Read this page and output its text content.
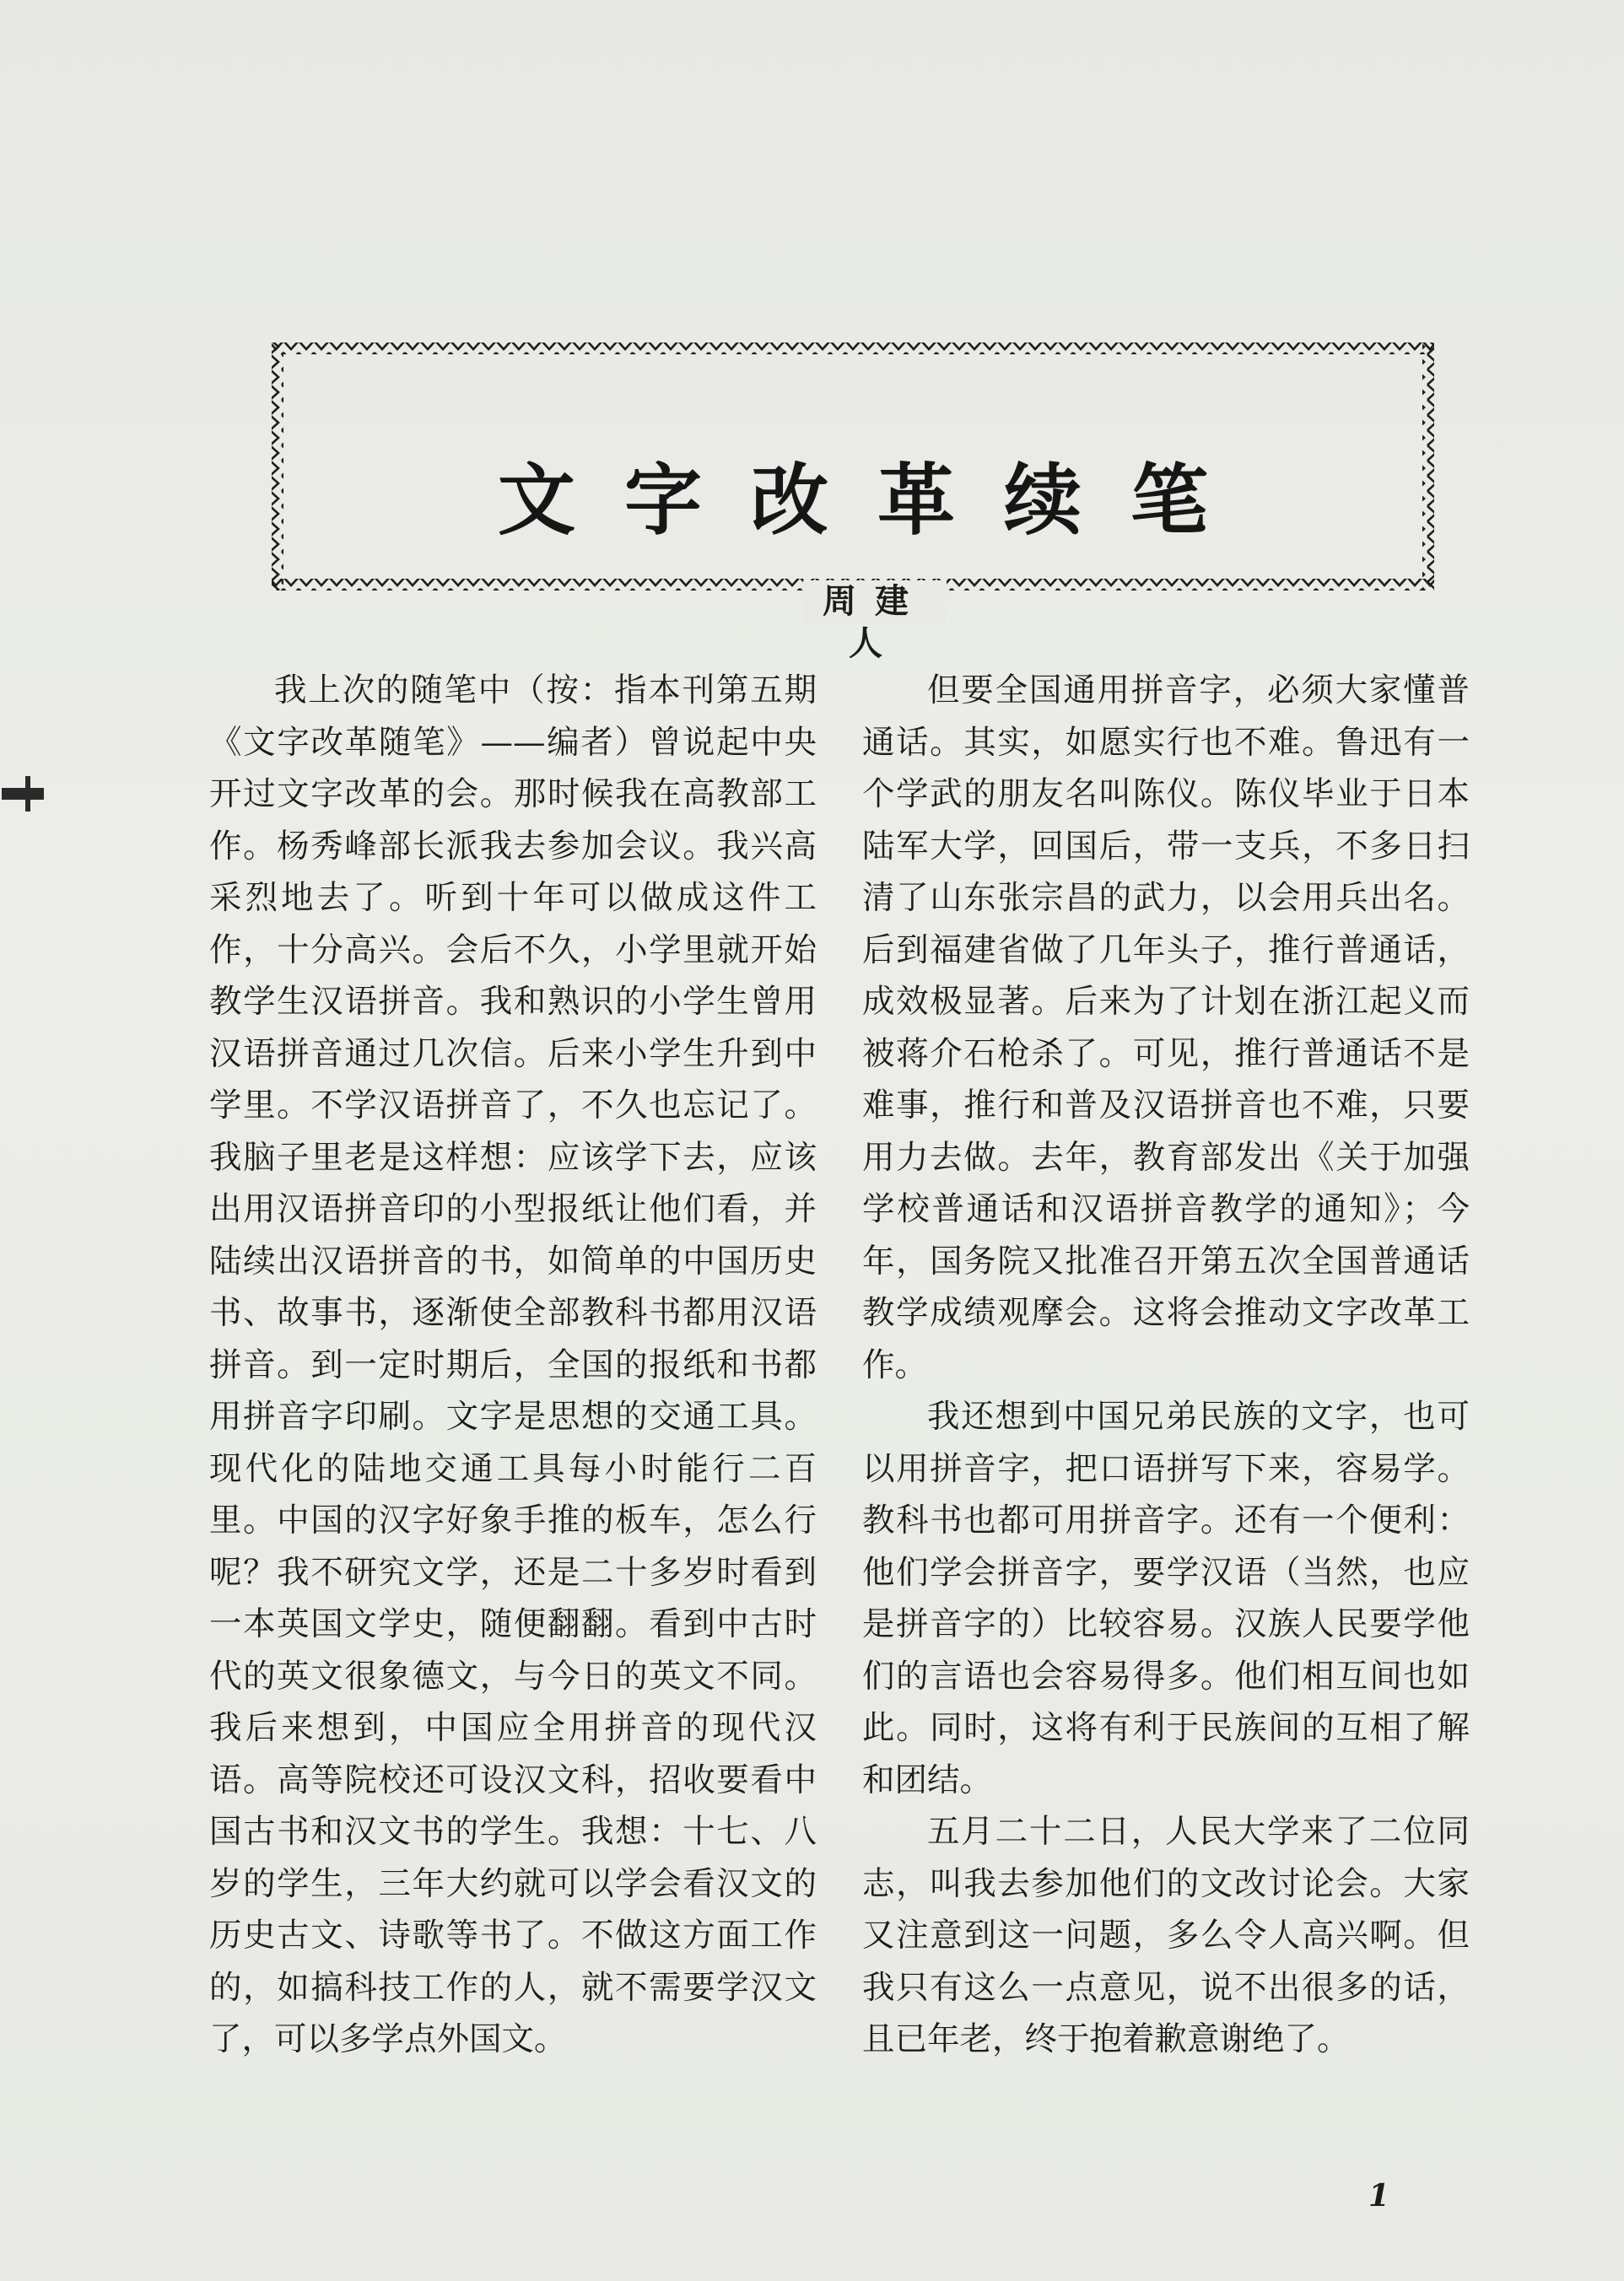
文字改革续笔
周建人

我上次的随笔中（按：指本刊第五期《文字改革随笔》——编者）曾说起中央开过文字改革的会。那时候我在高教部工作。杨秀峰部长派我去参加会议。我兴高采烈地去了。听到十年可以做成这件工作，十分高兴。会后不久，小学里就开始教学生汉语拼音。我和熟识的小学生曾用汉语拼音通过几次信。后来小学生升到中学里。不学汉语拼音了，不久也忘记了。我脑子里老是这样想：应该学下去，应该出用汉语拼音印的小型报纸让他们看，并陆续出汉语拼音的书，如简单的中国历史书、故事书，逐渐使全部教科书都用汉语拼音。到一定时期后，全国的报纸和书都用拼音字印刷。文字是思想的交通工具。现代化的陆地交通工具每小时能行二百里。中国的汉字好象手推的板车，怎么行呢？我不研究文学，还是二十多岁时看到一本英国文学史，随便翻翻。看到中古时代的英文很象德文，与今日的英文不同。我后来想到，中国应全用拼音的现代汉语。高等院校还可设汉文科，招收要看中国古书和汉文书的学生。我想：十七、八岁的学生，三年大约就可以学会看汉文的历史古文、诗歌等书了。不做这方面工作的，如搞科技工作的人，就不需要学汉文了，可以多学点外国文。

但要全国通用拼音字，必须大家懂普通话。其实，如愿实行也不难。鲁迅有一个学武的朋友名叫陈仪。陈仪毕业于日本陆军大学，回国后，带一支兵，不多日扫清了山东张宗昌的武力，以会用兵出名。后到福建省做了几年头子，推行普通话，成效极显著。后来为了计划在浙江起义而被蒋介石枪杀了。可见，推行普通话不是难事，推行和普及汉语拼音也不难，只要用力去做。去年，教育部发出《关于加强学校普通话和汉语拼音教学的通知》；今年，国务院又批准召开第五次全国普通话教学成绩观摩会。这将会推动文字改革工作。

我还想到中国兄弟民族的文字，也可以用拼音字，把口语拼写下来，容易学。教科书也都可用拼音字。还有一个便利：他们学会拼音字，要学汉语（当然，也应是拼音字的）比较容易。汉族人民要学他们的言语也会容易得多。他们相互间也如此。同时，这将有利于民族间的互相了解和团结。

五月二十二日，人民大学来了二位同志，叫我去参加他们的文改讨论会。大家又注意到这一问题，多么令人高兴啊。但我只有这么一点意见，说不出很多的话，且已年老，终于抱着歉意谢绝了。

1
